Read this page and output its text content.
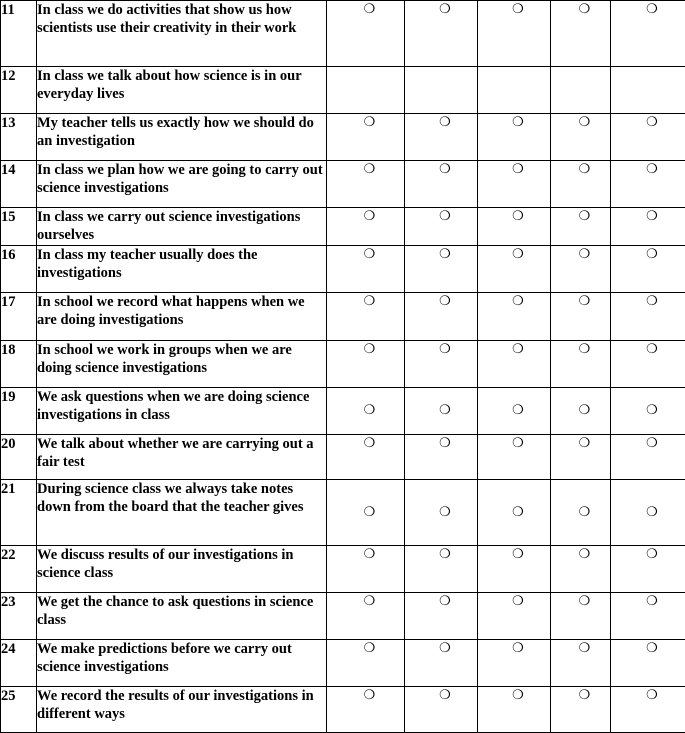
11	In class we do activities that show us how scientists use their creativity in their work	❍	❍	❍	❍	❍
12	In class we talk about how science is in our everyday lives					
13	My teacher tells us exactly how we should do an investigation	❍	❍	❍	❍	❍
14	In class we plan how we are going to carry out science investigations	❍	❍	❍	❍	❍
15	In class we carry out science investigations ourselves	❍	❍	❍	❍	❍
16	In class my teacher usually does the investigations	❍	❍	❍	❍	❍
17	In school we record what happens when we are doing investigations	❍	❍	❍	❍	❍
18	In school we work in groups when we are doing science investigations	❍	❍	❍	❍	❍
19	We ask questions when we are doing science investigations in class	❍	❍	❍	❍	❍
20	We talk about whether we are carrying out a fair test	❍	❍	❍	❍	❍
21	During science class we always take notes down from the board that the teacher gives	❍	❍	❍	❍	❍
22	We discuss results of our investigations in science class	❍	❍	❍	❍	❍
23	We get the chance to ask questions in science class	❍	❍	❍	❍	❍
24	We make predictions before we carry out science investigations	❍	❍	❍	❍	❍
25	We record the results of our investigations in different ways	❍	❍	❍	❍	❍
